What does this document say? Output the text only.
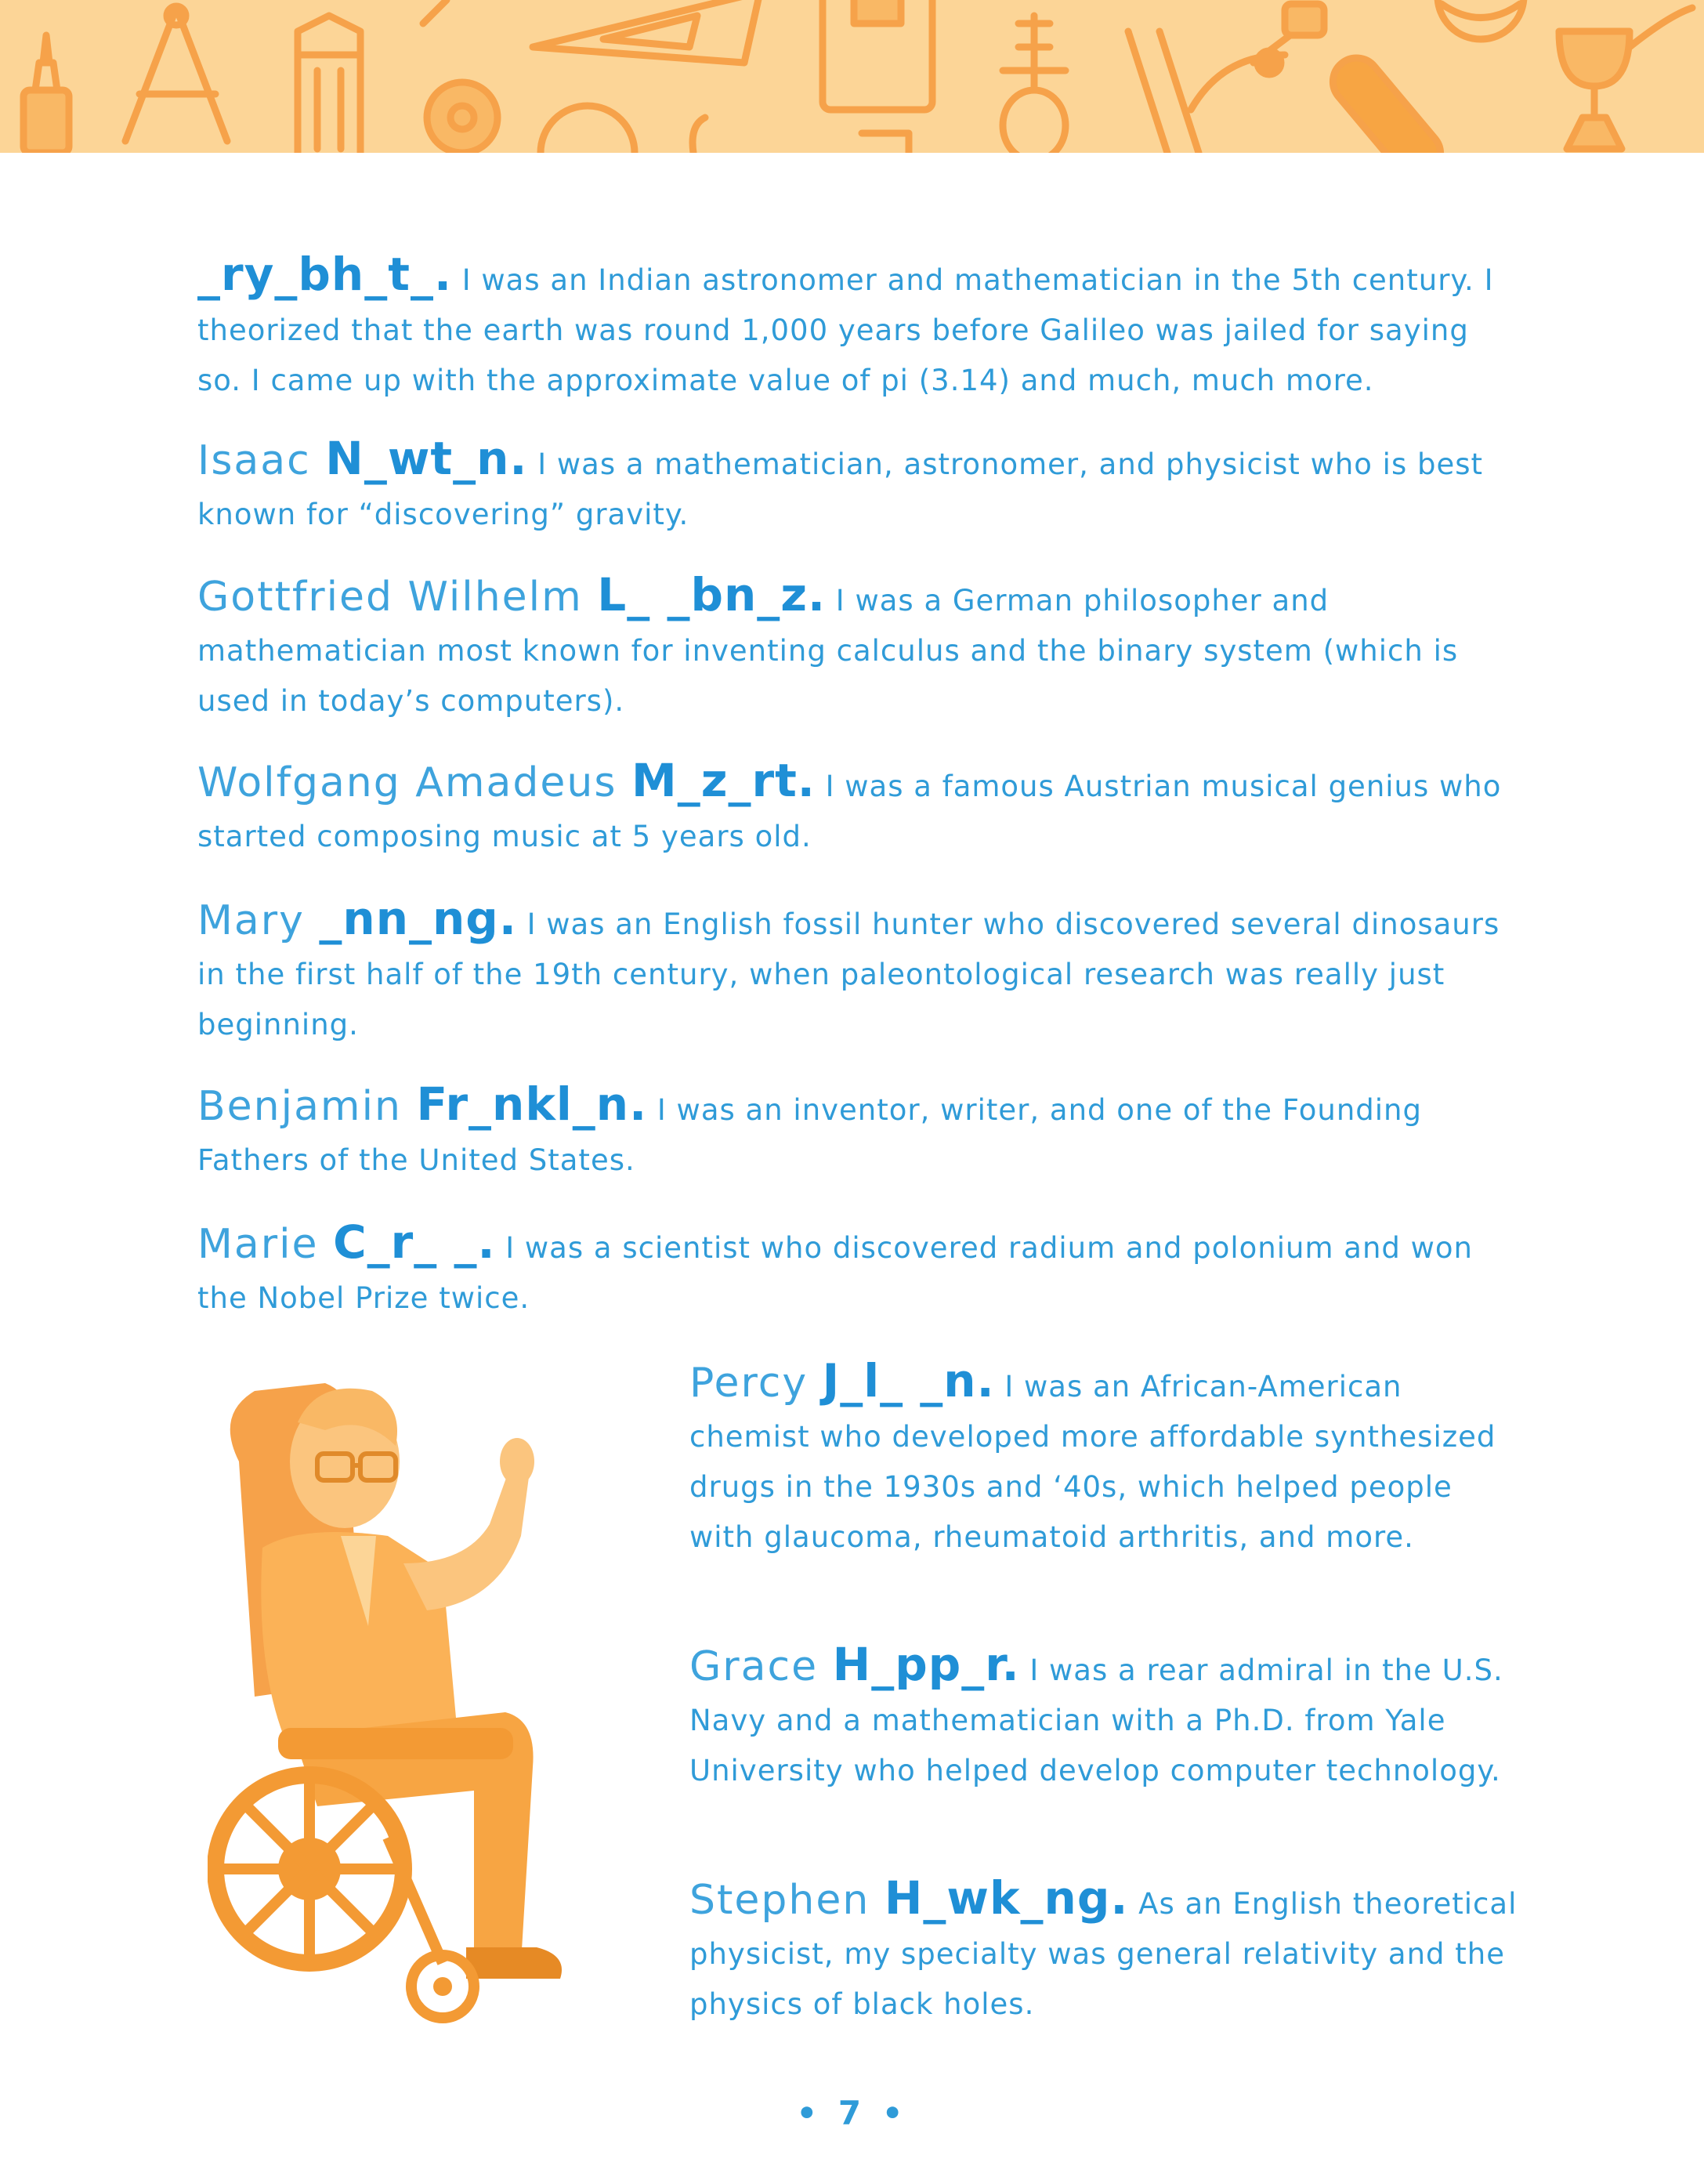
_ry_bh_t_. I was an Indian astronomer and mathematician in the 5th century. I theorized that the earth was round 1,000 years before Galileo was jailed for saying so. I came up with the approximate value of pi (3.14) and much, much more.
Isaac N_wt_n. I was a mathematician, astronomer, and physicist who is best known for “discovering” gravity.
Gottfried Wilhelm L_ _bn_z. I was a German philosopher and mathematician most known for inventing calculus and the binary system (which is used in today’s computers).
Wolfgang Amadeus M_z_rt. I was a famous Austrian musical genius who started composing music at 5 years old.
Mary _nn_ng. I was an English fossil hunter who discovered several dinosaurs in the first half of the 19th century, when paleontological research was really just beginning.
Benjamin Fr_nkl_n. I was an inventor, writer, and one of the Founding Fathers of the United States.
Marie C_r_ _. I was a scientist who discovered radium and polonium and won the Nobel Prize twice.
Percy J_l_ _n. I was an African-American chemist who developed more affordable synthesized drugs in the 1930s and ‘40s, which helped people with glaucoma, rheumatoid arthritis, and more.
Grace H_pp_r. I was a rear admiral in the U.S. Navy and a mathematician with a Ph.D. from Yale University who helped develop computer technology.
Stephen H_wk_ng. As an English theoretical physicist, my specialty was general relativity and the physics of black holes.
• 7 •
